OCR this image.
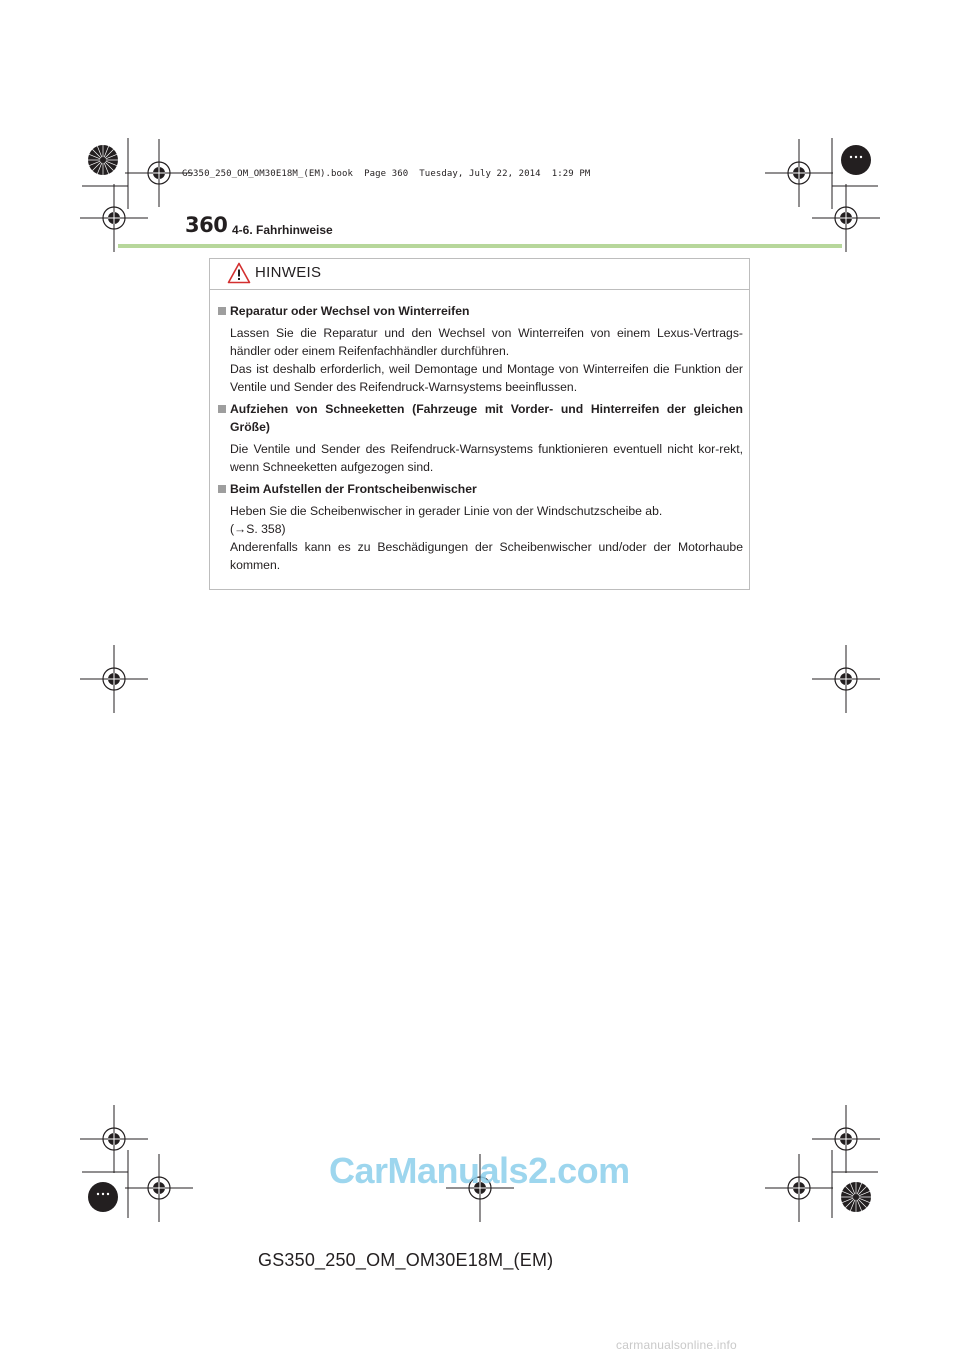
GS350_250_OM_OM30E18M_(EM).book  Page 360  Tuesday, July 22, 2014  1:29 PM
360 4-6. Fahrhinweise
HINWEIS
Reparatur oder Wechsel von Winterreifen

Lassen Sie die Reparatur und den Wechsel von Winterreifen von einem Lexus-Vertrags-händler oder einem Reifenfachhändler durchführen.

Das ist deshalb erforderlich, weil Demontage und Montage von Winterreifen die Funktion der Ventile und Sender des Reifendruck-Warnsystems beeinflussen.

Aufziehen von Schneeketten (Fahrzeuge mit Vorder- und Hinterreifen der gleichen Größe)

Die Ventile und Sender des Reifendruck-Warnsystems funktionieren eventuell nicht kor-rekt, wenn Schneeketten aufgezogen sind.

Beim Aufstellen der Frontscheibenwischer

Heben Sie die Scheibenwischer in gerader Linie von der Windschutzscheibe ab.

(→S. 358)

Anderenfalls kann es zu Beschädigungen der Scheibenwischer und/oder der Motorhaube kommen.

CarManuals2.com
GS350_250_OM_OM30E18M_(EM)
carmanualsonline.info
